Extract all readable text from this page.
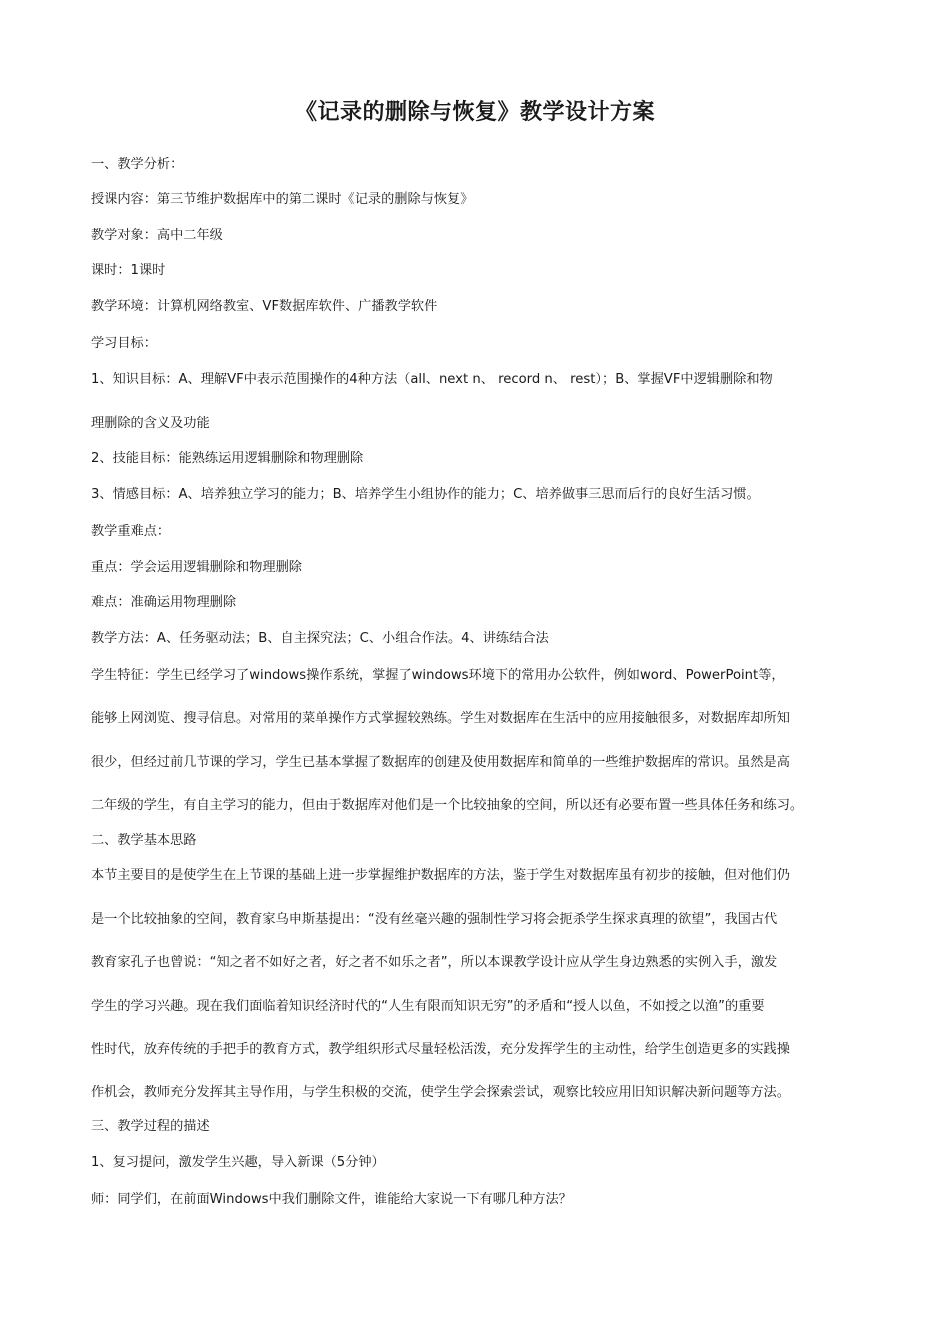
《记录的删除与恢复》教学设计方案
一、教学分析：
授课内容：第三节维护数据库中的第二课时《记录的删除与恢复》
教学对象：高中二年级
课时：1课时
教学环境：计算机网络教室、VF数据库软件、广播教学软件
学习目标：
1、知识目标：A、理解VF中表示范围操作的4种方法（all、next n、 record n、 rest）；B、掌握VF中逻辑删除和物
理删除的含义及功能
2、技能目标：能熟练运用逻辑删除和物理删除
3、情感目标：A、培养独立学习的能力；B、培养学生小组协作的能力；C、培养做事三思而后行的良好生活习惯。
教学重难点：
重点：学会运用逻辑删除和物理删除
难点：准确运用物理删除
教学方法：A、任务驱动法；B、自主探究法；C、小组合作法。4、讲练结合法
学生特征：学生已经学习了windows操作系统，掌握了windows环境下的常用办公软件，例如word、PowerPoint等，
能够上网浏览、搜寻信息。对常用的菜单操作方式掌握较熟练。学生对数据库在生活中的应用接触很多，对数据库却所知
很少，但经过前几节课的学习，学生已基本掌握了数据库的创建及使用数据库和简单的一些维护数据库的常识。虽然是高
二年级的学生，有自主学习的能力，但由于数据库对他们是一个比较抽象的空间，所以还有必要布置一些具体任务和练习。
二、教学基本思路
本节主要目的是使学生在上节课的基础上进一步掌握维护数据库的方法，鉴于学生对数据库虽有初步的接触，但对他们仍
是一个比较抽象的空间，教育家乌申斯基提出：“没有丝毫兴趣的强制性学习将会扼杀学生探求真理的欲望”，我国古代
教育家孔子也曾说：“知之者不如好之者，好之者不如乐之者”，所以本课教学设计应从学生身边熟悉的实例入手，激发
学生的学习兴趣。现在我们面临着知识经济时代的“人生有限而知识无穷”的矛盾和“授人以鱼，不如授之以渔”的重要
性时代，放弃传统的手把手的教育方式，教学组织形式尽量轻松活泼，充分发挥学生的主动性，给学生创造更多的实践操
作机会，教师充分发挥其主导作用，与学生积极的交流，使学生学会探索尝试，观察比较应用旧知识解决新问题等方法。
三、教学过程的描述
1、复习提问，激发学生兴趣，导入新课（5分钟）
师：同学们，在前面Windows中我们删除文件，谁能给大家说一下有哪几种方法？
